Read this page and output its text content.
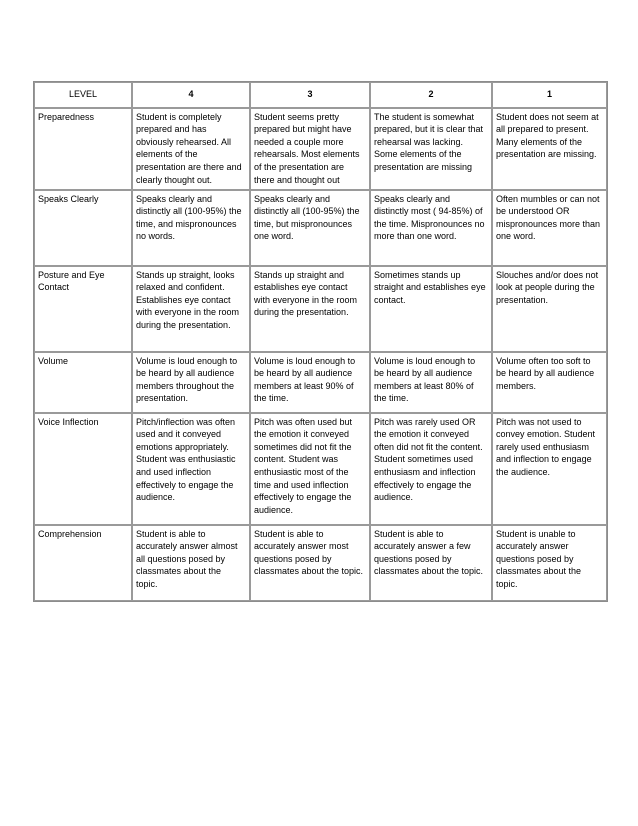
LEVEL	4	3	2	1
Preparedness	Student is completely prepared and has obviously rehearsed. All elements of the presentation are there and clearly thought out.	Student seems pretty prepared but might have needed a couple more rehearsals. Most elements of the presentation are there and thought out	The student is somewhat prepared, but it is clear that rehearsal was lacking. Some elements of the presentation are missing	Student does not seem at all prepared to present. Many elements of the presentation are missing.
Speaks Clearly	Speaks clearly and distinctly all (100-95%) the time, and mispronounces no words.	Speaks clearly and distinctly all (100-95%) the time, but mispronounces one word.	Speaks clearly and distinctly most ( 94-85%) of the time. Mispronounces no more than one word.	Often mumbles or can not be understood OR mispronounces more than one word.
Posture and Eye Contact	Stands up straight, looks relaxed and confident. Establishes eye contact with everyone in the room during the presentation.	Stands up straight and establishes eye contact with everyone in the room during the presentation.	Sometimes stands up straight and establishes eye contact.	Slouches and/or does not look at people during the presentation.
Volume	Volume is loud enough to be heard by all audience members throughout the presentation.	Volume is loud enough to be heard by all audience members at least 90% of the time.	Volume is loud enough to be heard by all audience members at least 80% of the time.	Volume often too soft to be heard by all audience members.
Voice Inflection	Pitch/inflection was often used and it conveyed emotions appropriately. Student was enthusiastic and used inflection effectively to engage the audience.	Pitch was often used but the emotion it conveyed sometimes did not fit the content. Student was enthusiastic most of the time and used inflection effectively to engage the audience.	Pitch was rarely used OR the emotion it conveyed often did not fit the content. Student sometimes used enthusiasm and inflection effectively to engage the audience.	Pitch was not used to convey emotion. Student rarely used enthusiasm and inflection to engage the audience.
Comprehension	Student is able to accurately answer almost all questions posed by classmates about the topic.	Student is able to accurately answer most questions posed by classmates about the topic.	Student is able to accurately answer a few questions posed by classmates about the topic.	Student is unable to accurately answer questions posed by classmates about the topic.
